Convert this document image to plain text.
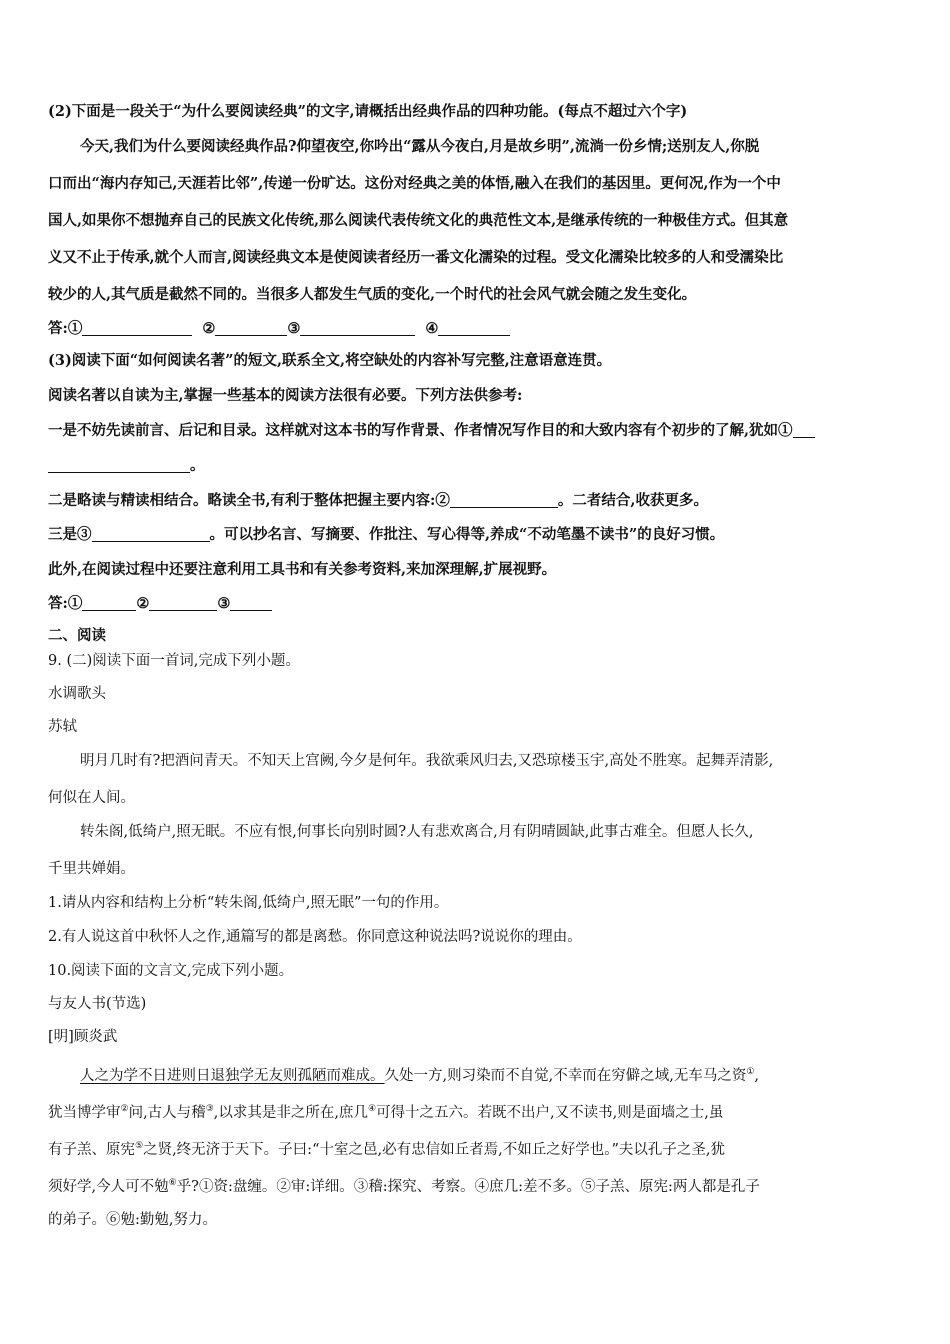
(2)下面是一段关于“为什么要阅读经典”的文字,请概括出经典作品的四种功能。(每点不超过六个字)
今天,我们为什么要阅读经典作品?仰望夜空,你吟出“露从今夜白,月是故乡明”,流淌一份乡情;送别友人,你脱
口而出“海内存知己,天涯若比邻”,传递一份旷达。这份对经典之美的体悟,融入在我们的基因里。更何况,作为一个中
国人,如果你不想抛弃自己的民族文化传统,那么阅读代表传统文化的典范性文本,是继承传统的一种极佳方式。但其意
义又不止于传承,就个人而言,阅读经典文本是使阅读者经历一番文化濡染的过程。受文化濡染比较多的人和受濡染比
较少的人,其气质是截然不同的。当很多人都发生气质的变化,一个时代的社会风气就会随之发生变化。
答:①	②	③	④
(3)阅读下面“如何阅读名著”的短文,联系全文,将空缺处的内容补写完整,注意语意连贯。
阅读名著以自读为主,掌握一些基本的阅读方法很有必要。下列方法供参考:
一是不妨先读前言、后记和目录。这样就对这本书的写作背景、作者情况写作目的和大致内容有个初步的了解,犹如①
。
二是略读与精读相结合。略读全书,有利于整体把握主要内容:②	。二者结合,收获更多。
三是③	。可以抄名言、写摘要、作批注、写心得等,养成“不动笔墨不读书”的良好习惯。
此外,在阅读过程中还要注意利用工具书和有关参考资料,来加深理解,扩展视野。
答:①	②	③
二、阅读
9. (二)阅读下面一首词,完成下列小题。
水调歌头
苏轼
明月几时有?把酒问青天。不知天上宫阙,今夕是何年。我欲乘风归去,又恐琼楼玉宇,高处不胜寒。起舞弄清影,
何似在人间。
转朱阁,低绮户,照无眠。不应有恨,何事长向别时圆?人有悲欢离合,月有阴晴圆缺,此事古难全。但愿人长久,
千里共婵娟。
1.请从内容和结构上分析“转朱阁,低绮户,照无眠”一句的作用。
2.有人说这首中秋怀人之作,通篇写的都是离愁。你同意这种说法吗?说说你的理由。
10.阅读下面的文言文,完成下列小题。
与友人书(节选)
[明]顾炎武
人之为学不日进则日退独学无友则孤陋而难成。久处一方,则习染而不自觉,不幸而在穷僻之域,无车马之资①,
犹当博学审②问,古人与稽③,以求其是非之所在,庶几④可得十之五六。若既不出户,又不读书,则是面墙之士,虽
有子羔、原宪⑤之贤,终无济于天下。子曰:“十室之邑,必有忠信如丘者焉,不如丘之好学也。”夫以孔子之圣,犹
须好学,今人可不勉⑥乎?①资:盘缠。②审:详细。③稽:探究、考察。④庶几:差不多。⑤子羔、原宪:两人都是孔子
的弟子。⑥勉:勤勉,努力。
